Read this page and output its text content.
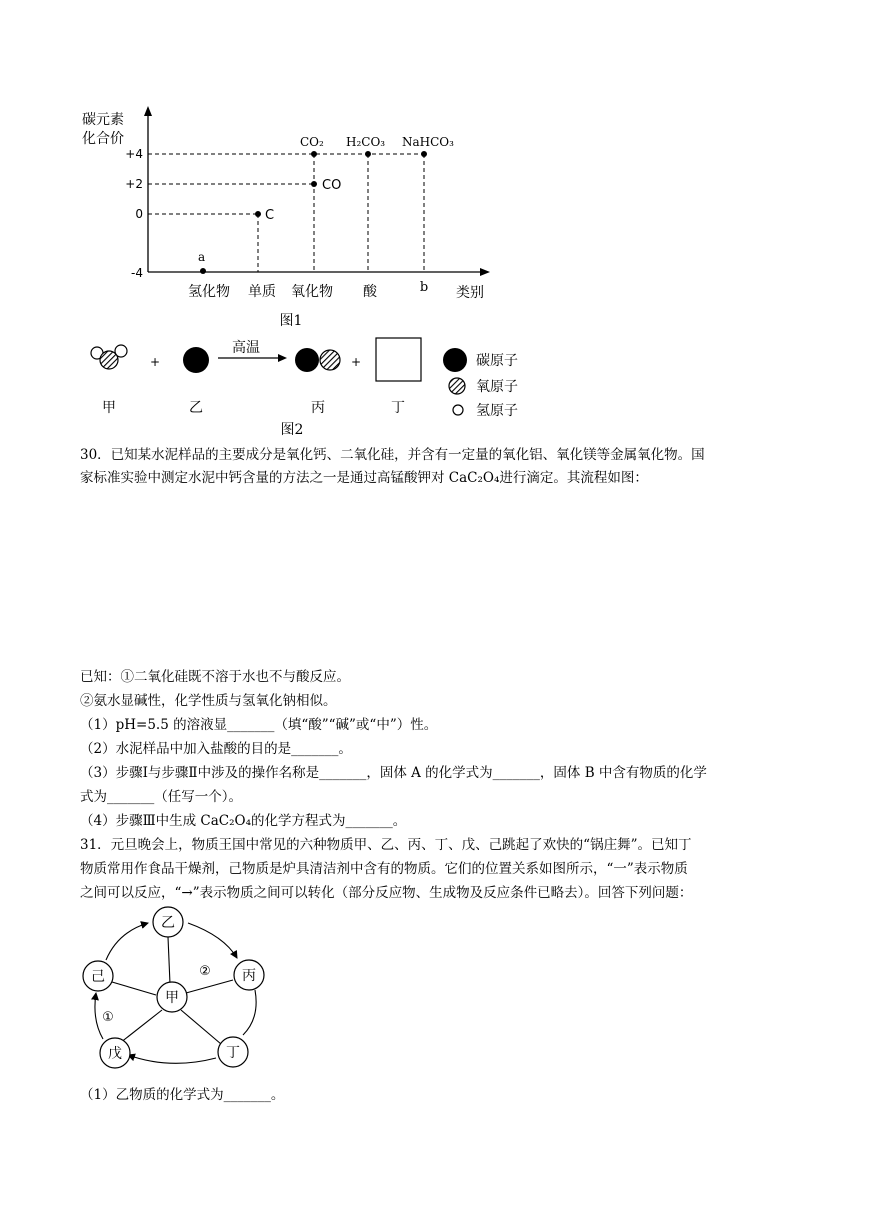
碳元素
化合价
+4
+2
0
-4
a
C
CO
CO₂ H₂CO₃ NaHCO₃
氢化物 单质 氧化物 酸	b 类别
图1
+
高温
+	碳原子
氧原子
氢原子
甲	乙	丙	丁
图2
30．已知某水泥样品的主要成分是氧化钙、二氧化硅，并含有一定量的氧化铝、氧化镁等金属氧化物。国
家标准实验中测定水泥中钙含量的方法之一是通过高锰酸钾对 CaC₂O₄进行滴定。其流程如图：
已知：①二氧化硅既不溶于水也不与酸反应。
②氨水显碱性，化学性质与氢氧化钠相似。
（1）pH=5.5 的溶液显_______（填“酸”“碱”或“中”）性。
（2）水泥样品中加入盐酸的目的是_______。
（3）步骤Ⅰ与步骤Ⅱ中涉及的操作名称是_______，固体 A 的化学式为_______，固体 B 中含有物质的化学
式为_______（任写一个）。
（4）步骤Ⅲ中生成 CaC₂O₄的化学方程式为_______。
31．元旦晚会上，物质王国中常见的六种物质甲、乙、丙、丁、戊、己跳起了欢快的“锅庄舞”。已知丁
物质常用作食品干燥剂，己物质是炉具清洁剂中含有的物质。它们的位置关系如图所示，“一”表示物质
之间可以反应，“→”表示物质之间可以转化（部分反应物、生成物及反应条件已略去）。回答下列问题：
乙
丙
丁
戊
己
甲
①
②
（1）乙物质的化学式为_______。
